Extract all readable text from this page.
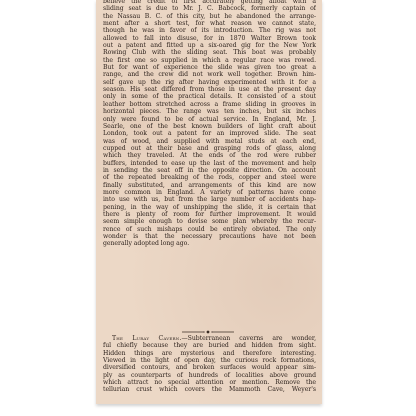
believe the credit of first accurately getting afloat with a
sliding seat is due to Mr. J. C. Babcock, formerly captain of
the Nassau B. C. of this city, but he abandoned the arrange-
ment after a short test, for what reason we cannot state,
though he was in favor of its introduction. The rig was not
allowed to fall into disuse, for in 1870 Walter Brown took
out a patent and fitted up a six-oared gig for the New York
Rowing Club with the sliding seat. This boat was probably
the first one so supplied in which a regular race was rowed.
But for want of experience the slide was given too great a
range, and the crew did not work well together. Brown him-
self gave up the rig after having experimented with it for a
season. His seat differed from those in use at the present day
only in some of the practical details. It consisted of a stout
leather bottom stretched across a frame sliding in grooves in
horizontal pieces. The range was ten inches, but six inches
only were found to be of actual service. In England, Mr. J.
Searle, one of the best known builders of light craft about
London, took out a patent for an improved slide. The seat
was of wood, and supplied with metal studs at each end,
cupped out at their base and grasping rods of glass, along
which they traveled. At the ends of the rod were rubber
buffers, intended to ease up the last of the movement and help
in sending the seat off in the opposite direction. On account
of the repeated breaking of the rods, copper and steel were
finally substituted, and arrangements of this kind are now
more common in England. A variety of patterns have come
into use with us, but from the large number of accidents hap-
pening, in the way of unshipping the slide, it is certain that
there is plenty of room for further improvement. It would
seem simple enough to devise some plan whereby the recur-
rence of such mishaps could be entirely obviated. The only
wonder is that the necessary precautions have not been
generally adopted long ago.
The Luray Cavern.—Subterranean caverns are wonder,
ful chiefly because they are buried and hidden from sight.
Hidden things are mysterious and therefore interesting.
Viewed in the light of open day, the curious rock formations,
diversified contours, and broken surfaces would appear sim-
ply as counterparts of hundreds of localities above ground
which attract no special attention or mention. Remove the
tellurian crust which covers the Mammoth Cave, Weyer's
